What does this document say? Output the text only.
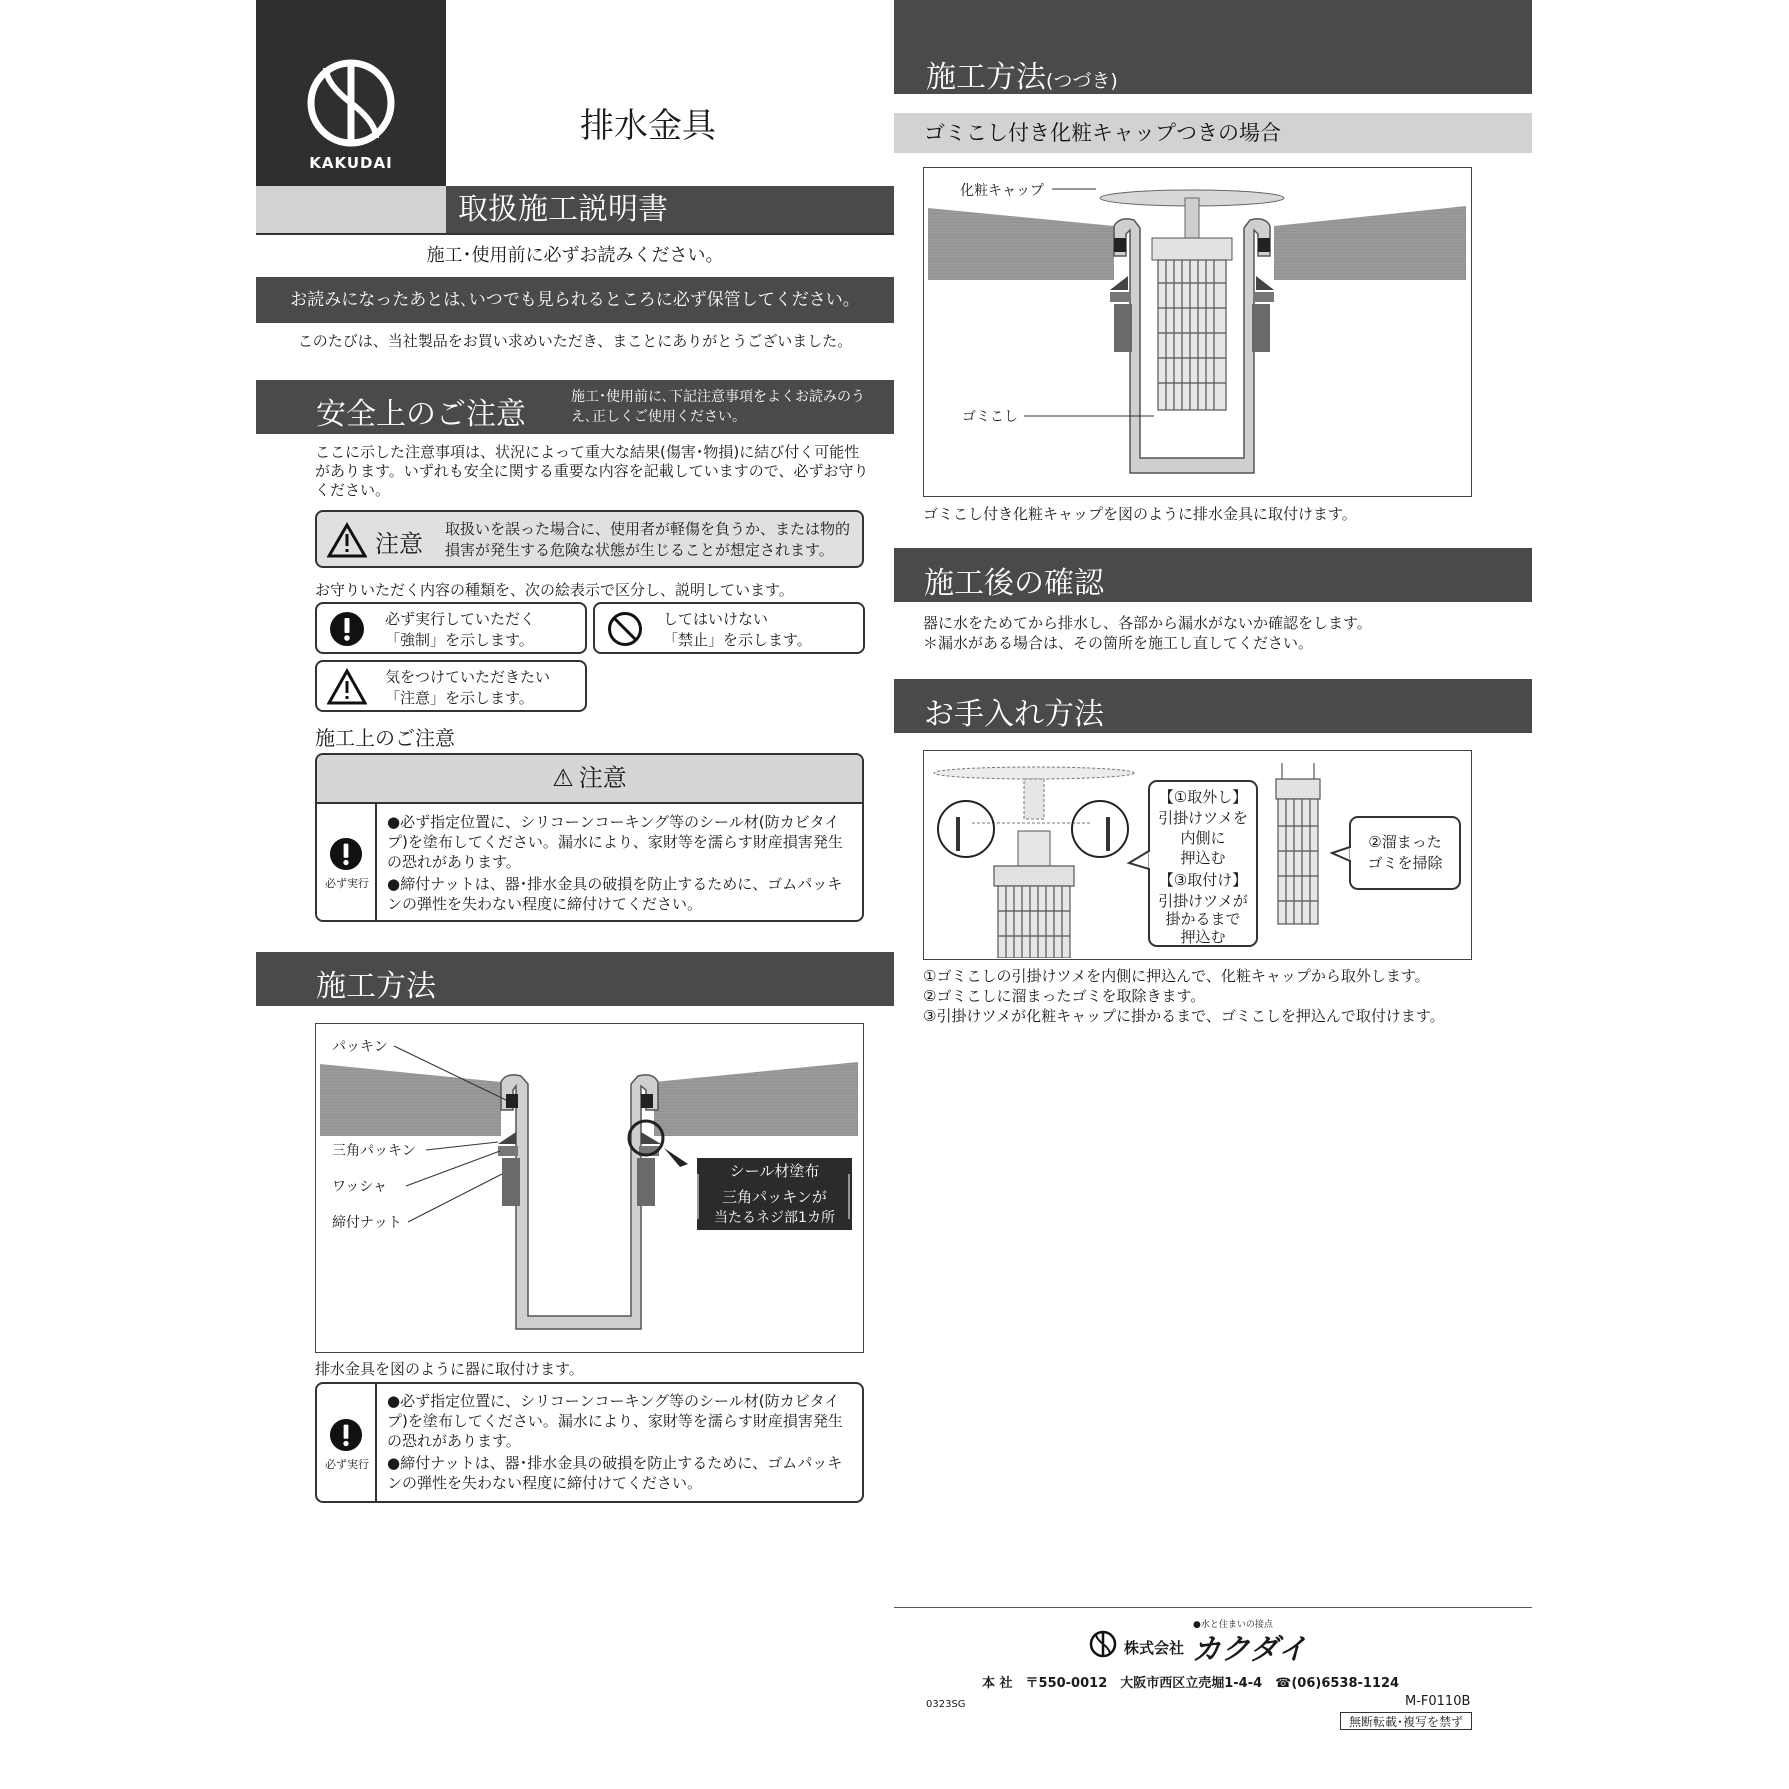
KAKUDAI
排水金具
取扱施工説明書
施工･使用前に必ずお読みください。
お読みになったあとは､いつでも見られるところに必ず保管してください。
このたびは、当社製品をお買い求めいただき、まことにありがとうございました。
安全上のご注意	施工･使用前に､下記注意事項をよくお読みのうえ､正しくご使用ください。
ここに示した注意事項は、状況によって重大な結果(傷害･物損)に結び付く可能性があります。いずれも安全に関する重要な内容を記載していますので、必ずお守りください。
注意
取扱いを誤った場合に、使用者が軽傷を負うか、または物的損害が発生する危険な状態が生じることが想定されます。
お守りいただく内容の種類を、次の絵表示で区分し、説明しています。
必ず実行していただく
「強制」を示します。
してはいけない
「禁止」を示します。
気をつけていただきたい
「注意」を示します。
施工上のご注意
⚠ 注意
必ず実行
●必ず指定位置に、シリコーンコーキング等のシール材(防カビタイプ)を塗布してください。漏水により、家財等を濡らす財産損害発生の恐れがあります。
●締付ナットは、器･排水金具の破損を防止するために、ゴムパッキンの弾性を失わない程度に締付けてください。
施工方法
パッキン
三角パッキン
ワッシャ
締付ナット
シール材塗布
三角パッキンが
当たるネジ部1カ所
排水金具を図のように器に取付けます。
必ず実行
●必ず指定位置に、シリコーンコーキング等のシール材(防カビタイプ)を塗布してください。漏水により、家財等を濡らす財産損害発生の恐れがあります。
●締付ナットは、器･排水金具の破損を防止するために、ゴムパッキンの弾性を失わない程度に締付けてください。
施工方法(つづき)
ゴミこし付き化粧キャップつきの場合
化粧キャップ
ゴミこし
ゴミこし付き化粧キャップを図のように排水金具に取付けます。
施工後の確認
器に水をためてから排水し、各部から漏水がないか確認をします。
＊漏水がある場合は、その箇所を施工し直してください。
お手入れ方法
【①取外し】
引掛けツメを
内側に
押込む
【③取付け】
引掛けツメが
掛かるまで
押込む
②溜まった
ゴミを掃除
①ゴミこしの引掛けツメを内側に押込んで、化粧キャップから取外します。
②ゴミこしに溜まったゴミを取除きます。
③引掛けツメが化粧キャップに掛かるまで、ゴミこしを押込んで取付けます。
●水と住まいの接点
株式会社 カクダイ
本 社　〒550-0012　大阪市西区立売堀1-4-4　☎(06)6538-1124
0323SG	M-F0110B
無断転載･複写を禁ず
